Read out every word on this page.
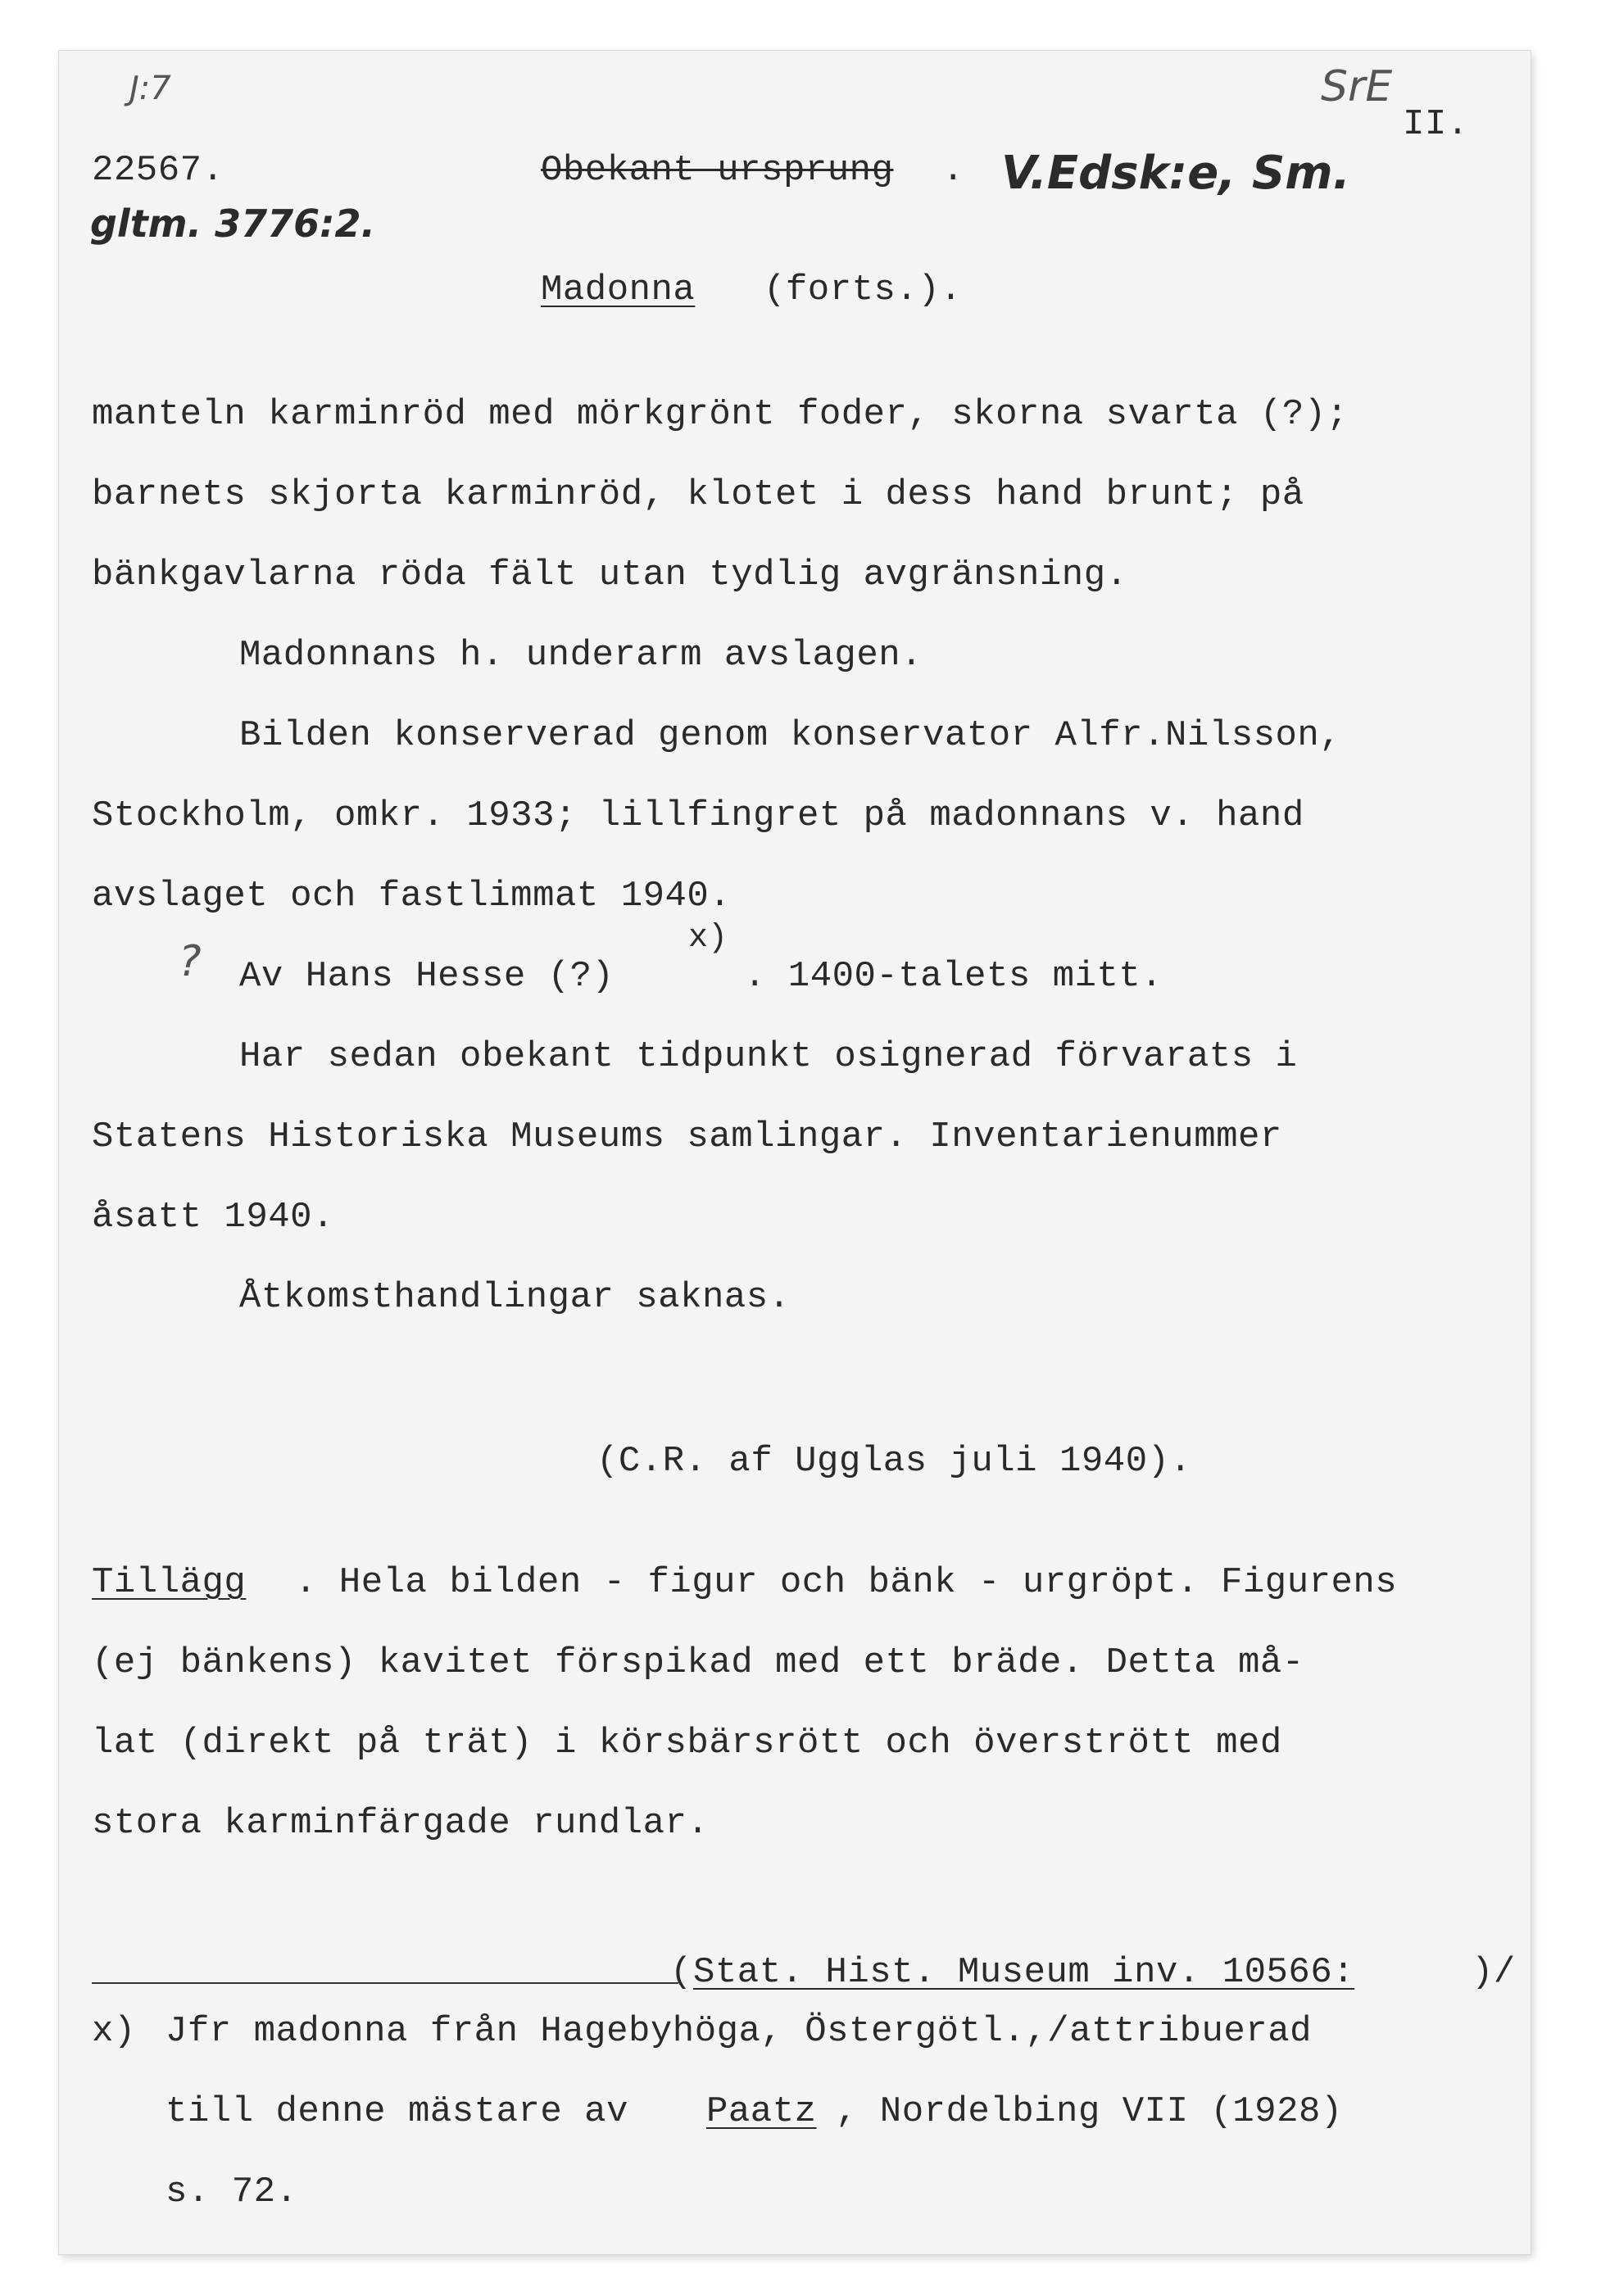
J:7	SrE
V.Edsk:e, Sm.
gltm. 3776:2.
?
22567.	Obekant ursprung .
II.
Madonna (forts.).
manteln karminröd med mörkgrönt foder, skorna svarta (?);
barnets skjorta karminröd, klotet i dess hand brunt; på
bänkgavlarna röda fält utan tydlig avgränsning.
Madonnans h. underarm avslagen.
Bilden konserverad genom konservator Alfr.Nilsson,
Stockholm, omkr. 1933; lillfingret på madonnans v. hand
avslaget och fastlimmat 1940.
x)
Av Hans Hesse (?)	. 1400-talets mitt.
Har sedan obekant tidpunkt osignerad förvarats i
Statens Historiska Museums samlingar. Inventarienummer
åsatt 1940.
Åtkomsthandlingar saknas.
(C.R. af Ugglas juli 1940).
Tillägg . Hela bilden - figur och bänk - urgröpt. Figurens
(ej bänkens) kavitet förspikad med ett bräde. Detta må-
lat (direkt på trät) i körsbärsrött och överstrött med
stora karminfärgade rundlar.
( Stat. Hist. Museum inv. 10566:	)/
x) Jfr madonna från Hagebyhöga, Östergötl.,/attribuerad
till denne mästare av Paatz , Nordelbing VII (1928)
s. 72.
